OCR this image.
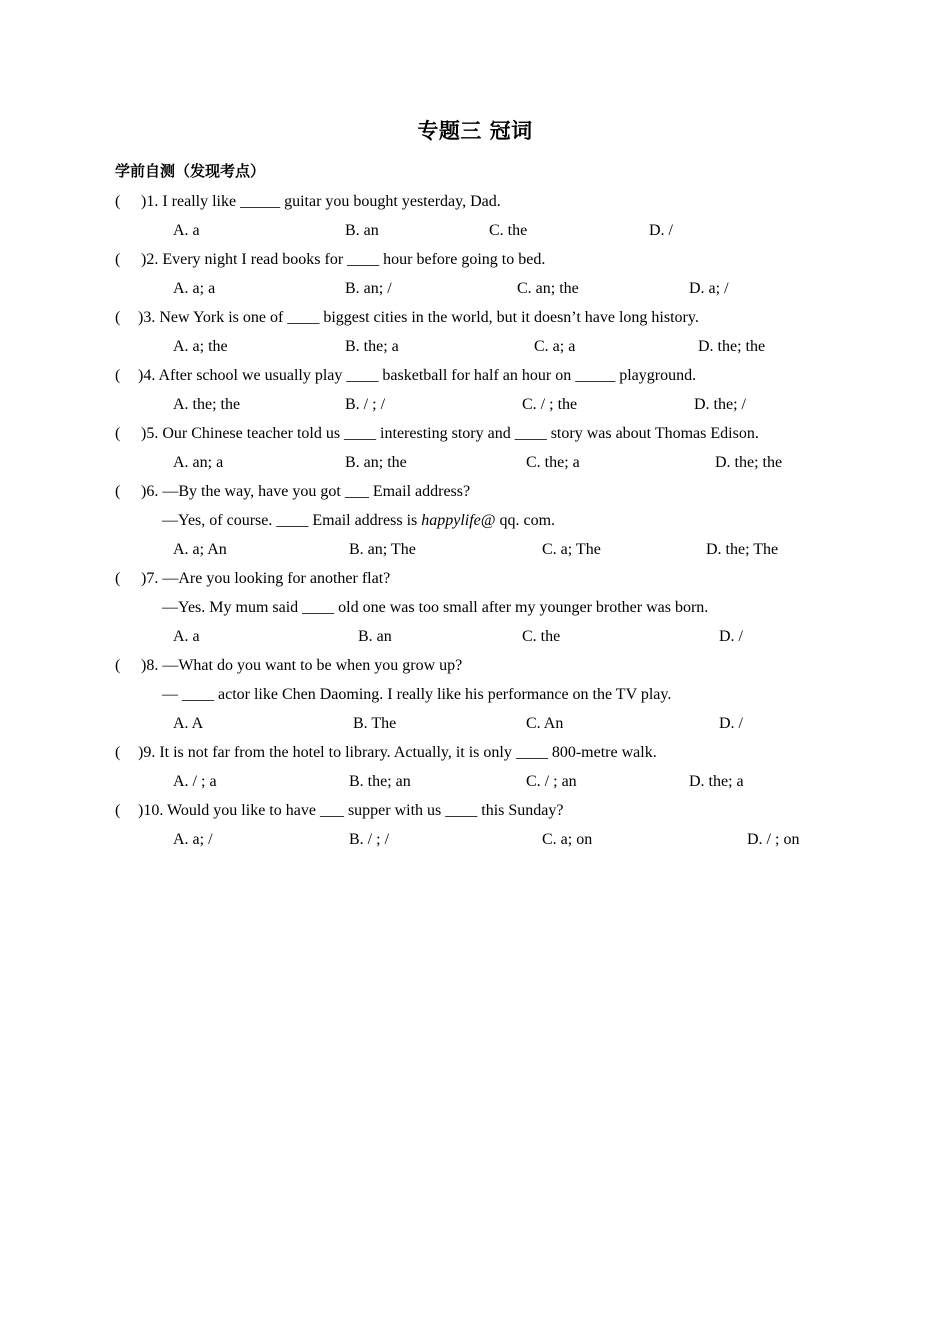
专题三 冠词
学前自测（发现考点）
( )1. I really like _____ guitar you bought yesterday, Dad.
A. a	B. an	C. the	D. /
( )2. Every night I read books for ____ hour before going to bed.
A. a; a	B. an; /	C. an; the	D. a; /
( )3. New York is one of ____ biggest cities in the world, but it doesn’t have long history.
A. a; the	B. the; a	C. a; a	D. the; the
( )4. After school we usually play ____ basketball for half an hour on _____ playground.
A. the; the	B. / ; /	C. / ; the	D. the; /
( )5. Our Chinese teacher told us ____ interesting story and ____ story was about Thomas Edison.
A. an; a	B. an; the	C. the; a	D. the; the
( )6. —By the way, have you got ___ Email address?
—Yes, of course. ____ Email address is happylife@ qq. com.
A. a; An	B. an; The	C. a; The	D. the; The
( )7. —Are you looking for another flat?
—Yes. My mum said ____ old one was too small after my younger brother was born.
A. a	B. an	C. the	D. /
( )8. —What do you want to be when you grow up?
— ____ actor like Chen Daoming. I really like his performance on the TV play.
A. A	B. The	C. An	D. /
( )9. It is not far from the hotel to library. Actually, it is only ____ 800-metre walk.
A. / ; a	B. the; an	C. / ; an	D. the; a
( )10. Would you like to have ___ supper with us ____ this Sunday?
A. a; /	B. / ; /	C. a; on	D. / ; on
